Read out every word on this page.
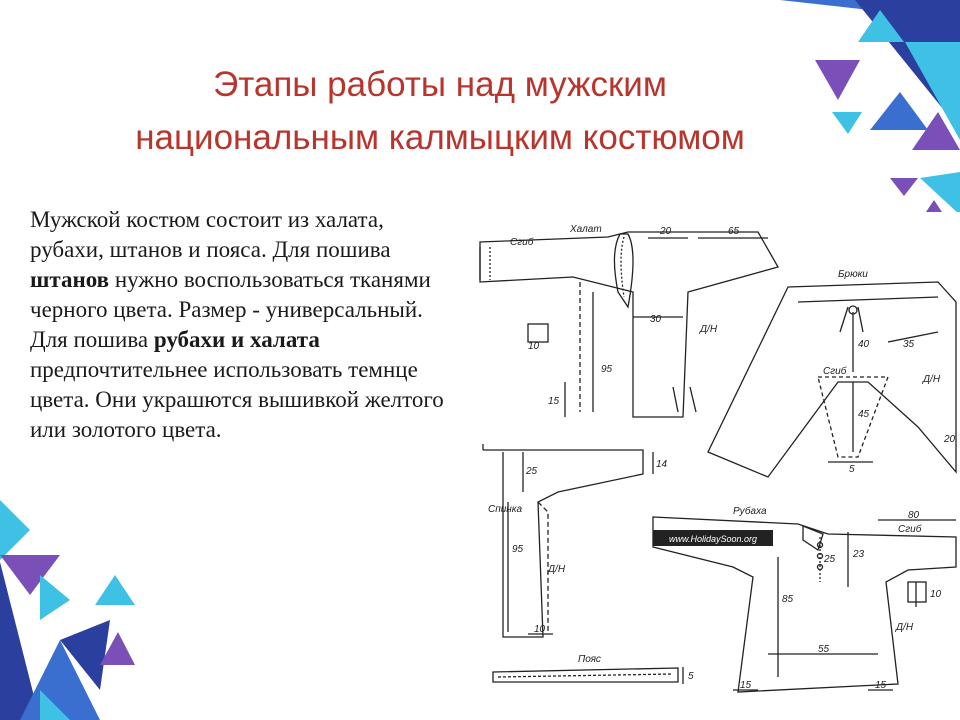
Этапы работы над мужским
национальным калмыцким костюмом
Мужской костюм состоит из халата, рубахи, штанов и пояса. Для пошива штанов нужно воспользоваться тканями черного цвета. Размер - универсальный. Для пошива рубахи и халата предпочтительнее использовать темнце цвета. Они украшются вышивкой желтого или золотого цвета.
www.HolidaySoon.org
Халат
Сгиб
Д/Н
20	65
30
10
95
15
Брюки
Сгиб
Д/Н
40	35
45
5
20
Спинка
Д/Н
25
14
95
10
Пояс
5
Рубаха
Сгиб
Д/Н
80
25 23
85	10
55
15	15
